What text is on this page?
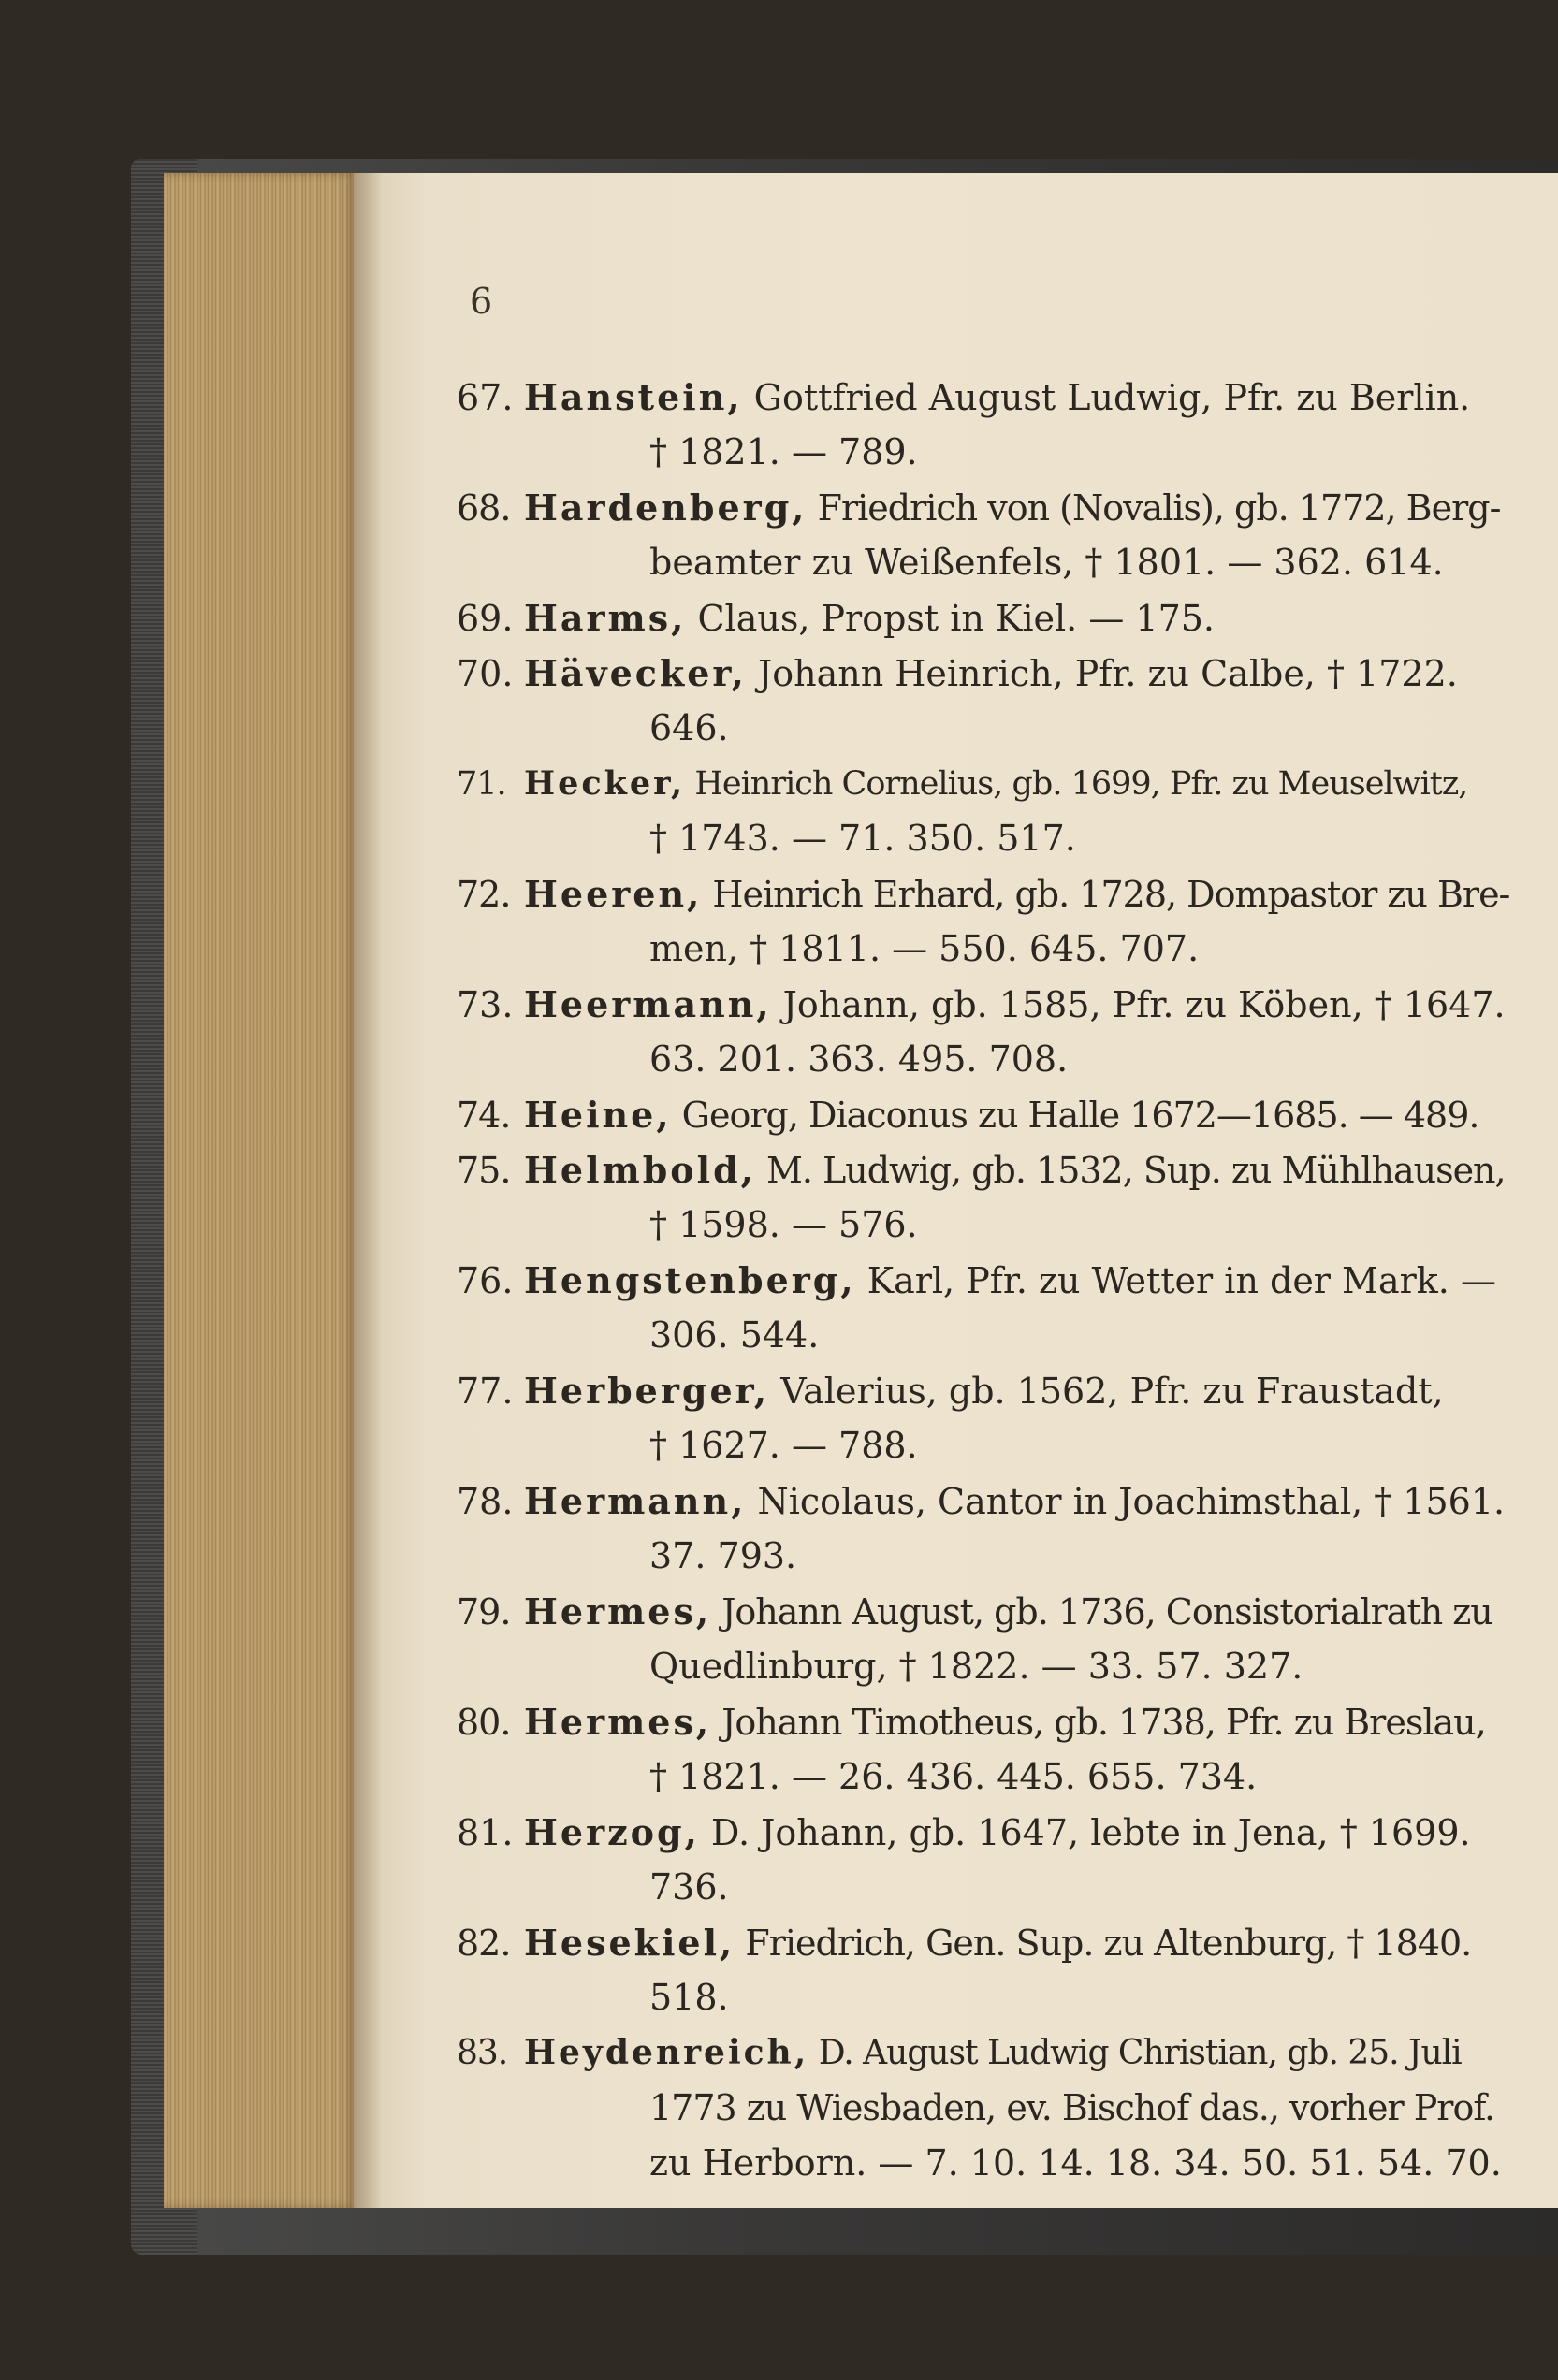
6
67. Hanstein, Gottfried August Ludwig, Pfr. zu Berlin.
† 1821. — 789.
68. Hardenberg, Friedrich von (Novalis), gb. 1772, Berg-
beamter zu Weißenfels, † 1801. — 362. 614.
69. Harms, Claus, Propst in Kiel. — 175.
70. Hävecker, Johann Heinrich, Pfr. zu Calbe, † 1722.
646.
71. Hecker, Heinrich Cornelius, gb. 1699, Pfr. zu Meuselwitz,
† 1743. — 71. 350. 517.
72. Heeren, Heinrich Erhard, gb. 1728, Dompastor zu Bre-
men, † 1811. — 550. 645. 707.
73. Heermann, Johann, gb. 1585, Pfr. zu Köben, † 1647.
63. 201. 363. 495. 708.
74. Heine, Georg, Diaconus zu Halle 1672—1685. — 489.
75. Helmbold, M. Ludwig, gb. 1532, Sup. zu Mühlhausen,
† 1598. — 576.
76. Hengstenberg, Karl, Pfr. zu Wetter in der Mark. —
306. 544.
77. Herberger, Valerius, gb. 1562, Pfr. zu Fraustadt,
† 1627. — 788.
78. Hermann, Nicolaus, Cantor in Joachimsthal, † 1561.
37. 793.
79. Hermes, Johann August, gb. 1736, Consistorialrath zu
Quedlinburg, † 1822. — 33. 57. 327.
80. Hermes, Johann Timotheus, gb. 1738, Pfr. zu Breslau,
† 1821. — 26. 436. 445. 655. 734.
81. Herzog, D. Johann, gb. 1647, lebte in Jena, † 1699.
736.
82. Hesekiel, Friedrich, Gen. Sup. zu Altenburg, † 1840.
518.
83. Heydenreich, D. August Ludwig Christian, gb. 25. Juli
1773 zu Wiesbaden, ev. Bischof das., vorher Prof.
zu Herborn. — 7. 10. 14. 18. 34. 50. 51. 54. 70.
